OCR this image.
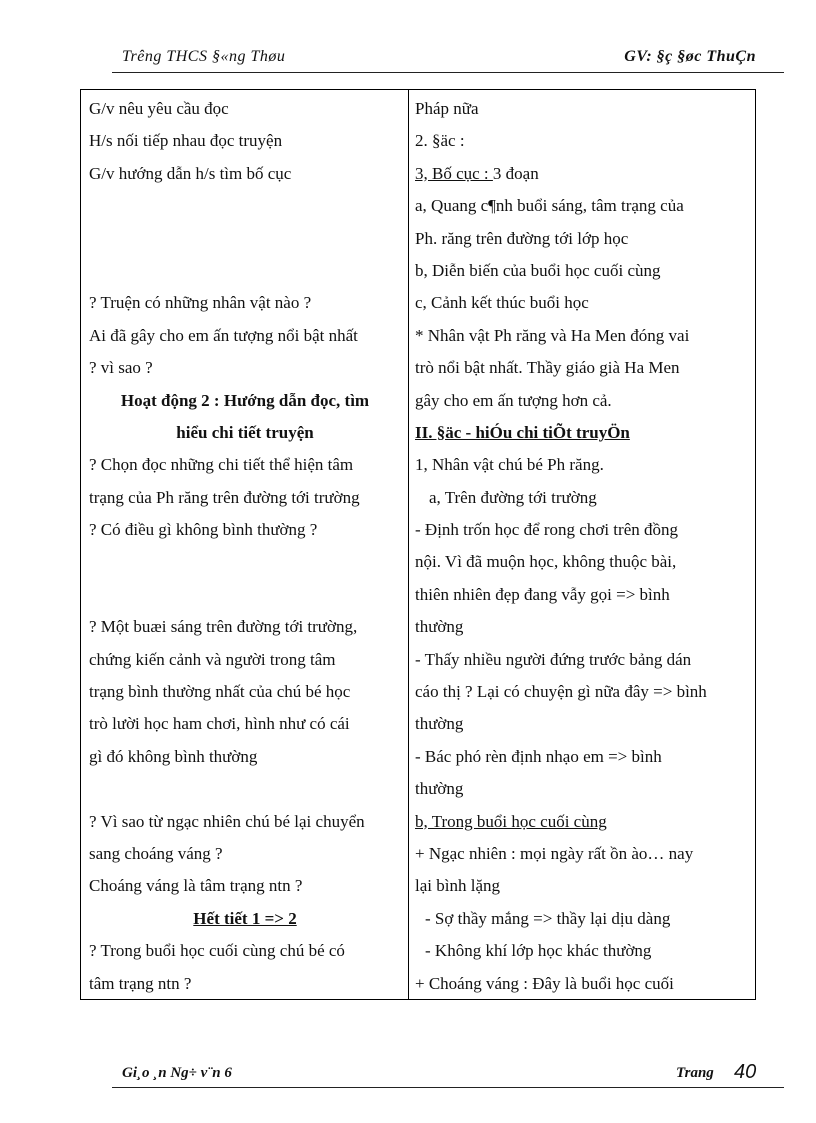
Trêng THCS §«ng Thøu	GV: §ç §øc ThuÇn
G/v nêu yêu cầu đọc
H/s nối tiếp nhau đọc truyện
G/v hướng dẫn h/s tìm bố cục
? Truện có những nhân vật nào ?
Ai đã gây cho em ấn tượng nổi bật nhất
? vì sao ?
Hoạt động 2 : Hướng dẫn đọc, tìm
hiểu chi tiết truyện
? Chọn đọc những chi tiết thể hiện tâm
trạng của Ph răng trên đường tới trường
? Có điều gì không bình thường ?
? Một buæi sáng trên đường tới trường,
chứng kiến cảnh và người trong tâm
trạng bình thường nhất của chú bé học
trò lười học ham chơi, hình như có cái
gì đó không bình thường
? Vì sao từ ngạc nhiên chú bé lại chuyển
sang choáng váng ?
Choáng váng là tâm trạng ntn ?
Hết tiết 1 => 2
? Trong buổi học cuối cùng chú bé có
tâm trạng ntn ?
Pháp nữa
2. §äc :
3, Bố cục : 3 đoạn
a, Quang c¶nh buổi sáng, tâm trạng của
Ph. răng trên đường tới lớp học
b, Diễn biến của buổi học cuối cùng
c, Cảnh kết thúc buổi học
* Nhân vật Ph răng và Ha Men đóng vai
trò nổi bật nhất. Thầy giáo già Ha Men
gây cho em ấn tượng hơn cả.
II. §äc - hiÓu chi tiÕt truyÖn
1, Nhân vật chú bé Ph răng.
a, Trên đường tới trường
- Định trốn học để rong chơi trên đồng
nội. Vì đã muộn học, không thuộc bài,
thiên nhiên đẹp đang vẫy gọi => bình
thường
- Thấy nhiều người đứng trước bảng dán
cáo thị ? Lại có chuyện gì nữa đây => bình
thường
- Bác phó rèn định nhạo em => bình
thường
b, Trong buổi học cuối cùng
+ Ngạc nhiên : mọi ngày rất ồn ào… nay
lại bình lặng
- Sợ thầy mắng => thầy lại dịu dàng
- Không khí lớp học khác thường
+ Choáng váng : Đây là buổi học cuối
Gi¸o ¸n Ng÷ v¨n 6	Trang 40
